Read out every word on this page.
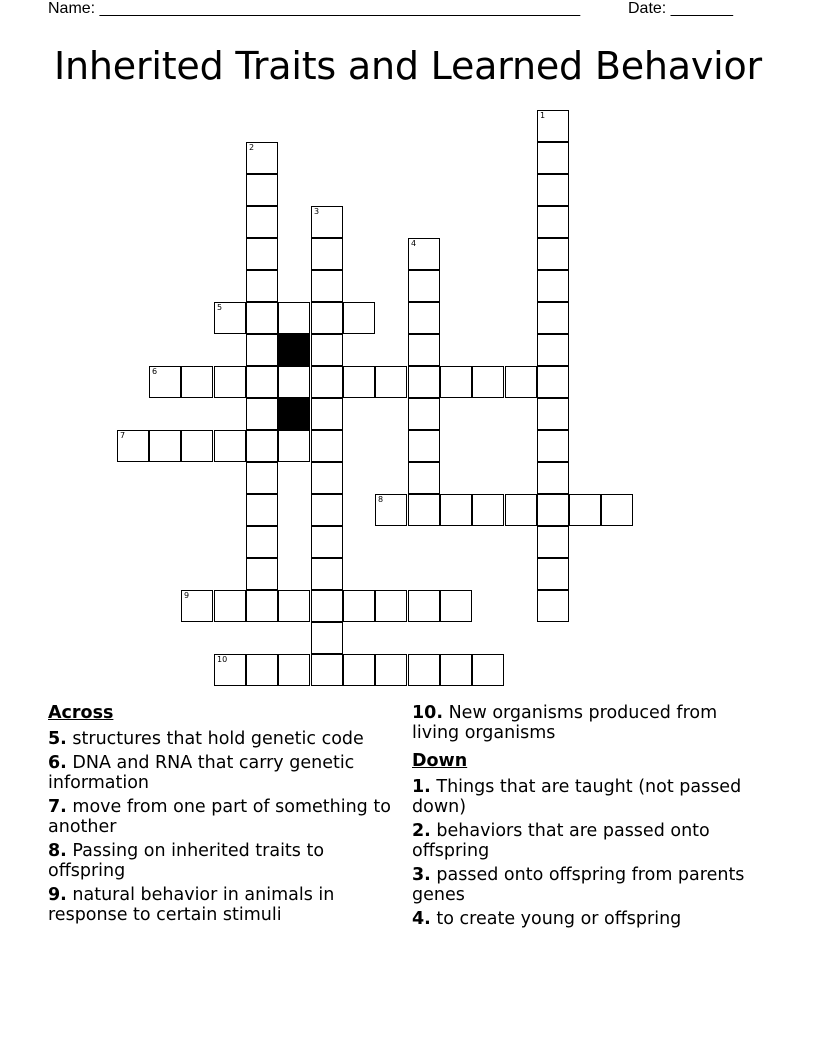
Name: ______________________________________________________	Date: _______
Inherited Traits and Learned Behavior
1
2
3
4
5
6
7
8
9
10
Across
5. structures that hold genetic code
6. DNA and RNA that carry genetic information
7. move from one part of something to another
8. Passing on inherited traits to offspring
9. natural behavior in animals in response to certain stimuli
10. New organisms produced from living organisms
Down
1. Things that are taught (not passed down)
2. behaviors that are passed onto offspring
3. passed onto offspring from parents genes
4. to create young or offspring
